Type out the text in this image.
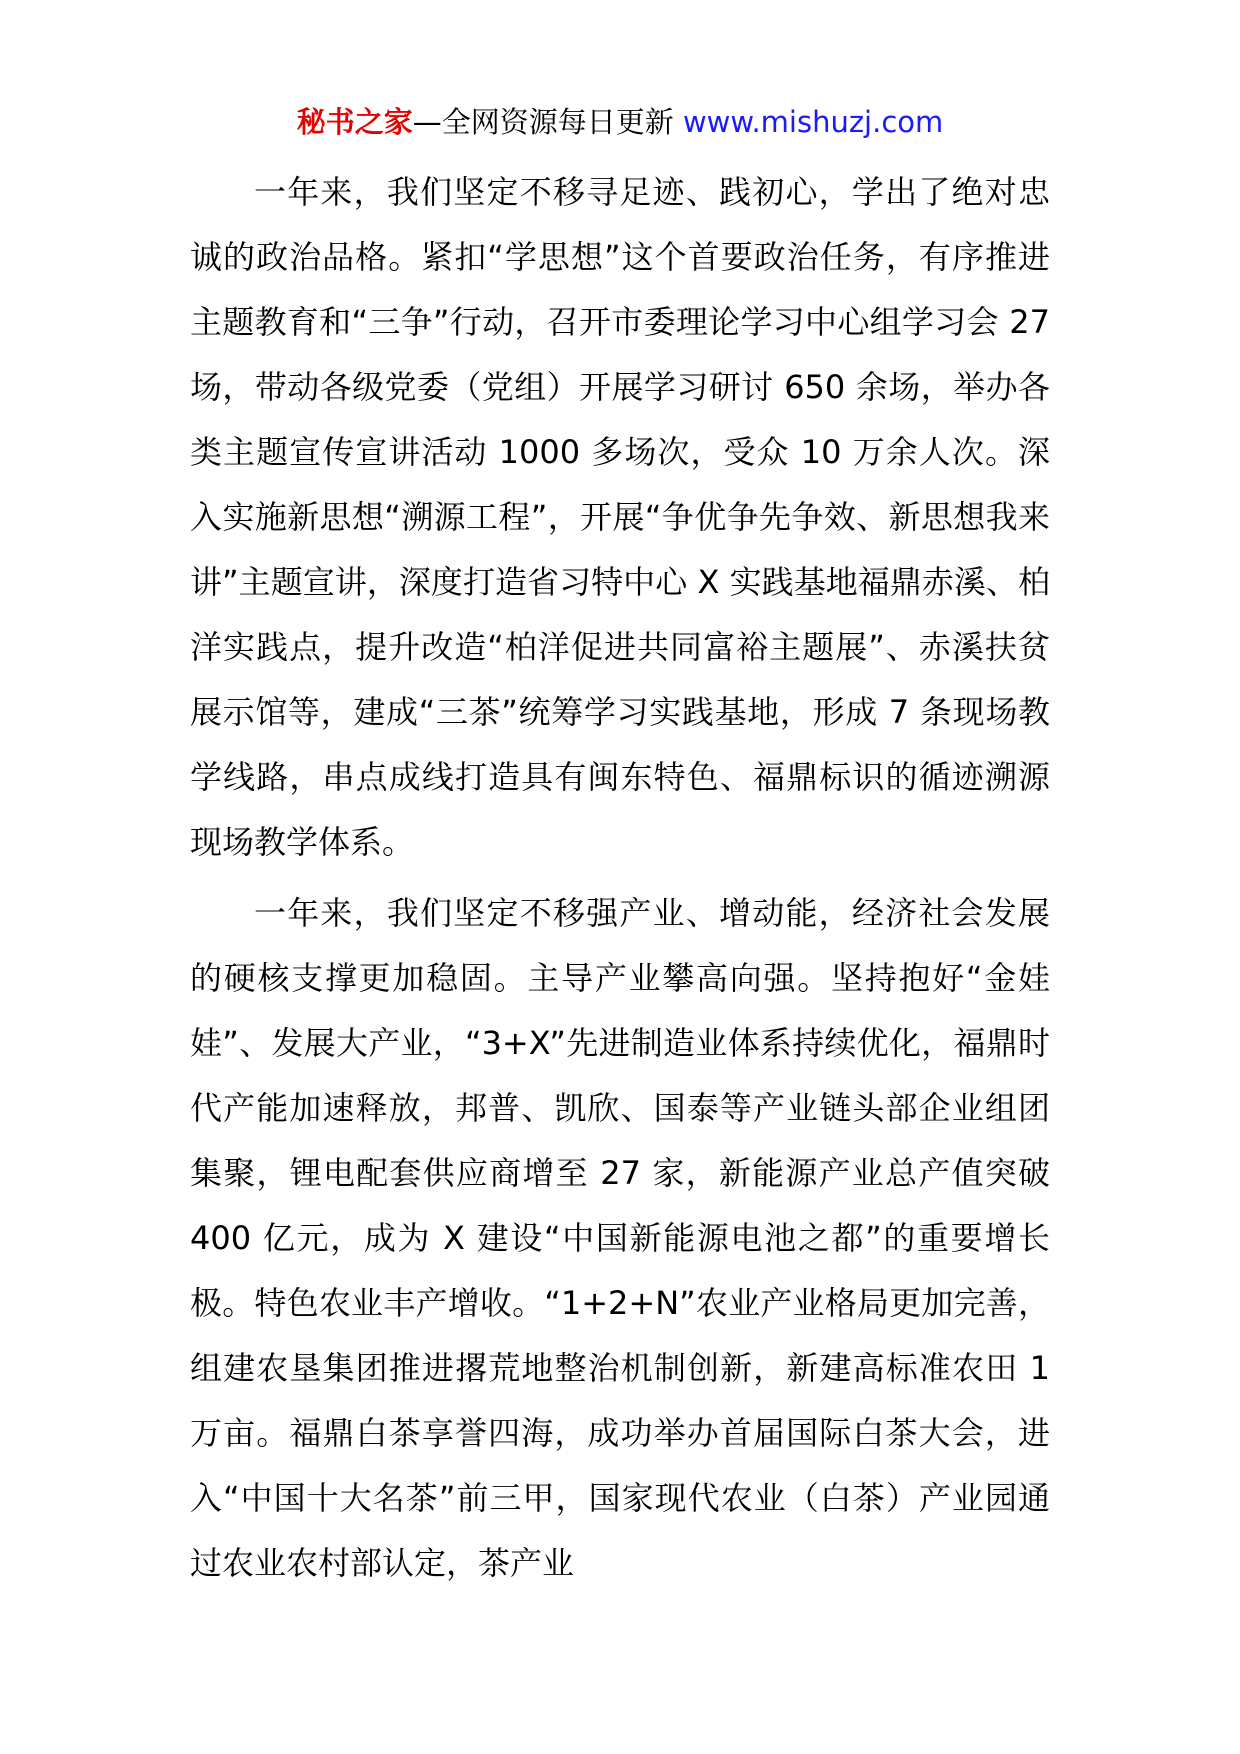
秘书之家—全网资源每日更新 www.mishuzj.com

一年来，我们坚定不移寻足迹、践初心，学出了绝对忠诚的政治品格。紧扣“学思想”这个首要政治任务，有序推进主题教育和“三争”行动，召开市委理论学习中心组学习会 27 场，带动各级党委（党组）开展学习研讨 650 余场，举办各类主题宣传宣讲活动 1000 多场次，受众 10 万余人次。深入实施新思想“溯源工程”，开展“争优争先争效、新思想我来讲”主题宣讲，深度打造省习特中心 X 实践基地福鼎赤溪、柏洋实践点，提升改造“柏洋促进共同富裕主题展”、赤溪扶贫展示馆等，建成“三茶”统筹学习实践基地，形成 7 条现场教学线路，串点成线打造具有闽东特色、福鼎标识的循迹溯源现场教学体系。

一年来，我们坚定不移强产业、增动能，经济社会发展的硬核支撑更加稳固。主导产业攀高向强。坚持抱好“金娃娃”、发展大产业，“3+X”先进制造业体系持续优化，福鼎时代产能加速释放，邦普、凯欣、国泰等产业链头部企业组团集聚，锂电配套供应商增至 27 家，新能源产业总产值突破 400 亿元，成为 X 建设“中国新能源电池之都”的重要增长极。特色农业丰产增收。“1+2+N”农业产业格局更加完善，组建农垦集团推进撂荒地整治机制创新，新建高标准农田 1 万亩。福鼎白茶享誉四海，成功举办首届国际白茶大会，进入“中国十大名茶”前三甲，国家现代农业（白茶）产业园通过农业农村部认定，茶产业
